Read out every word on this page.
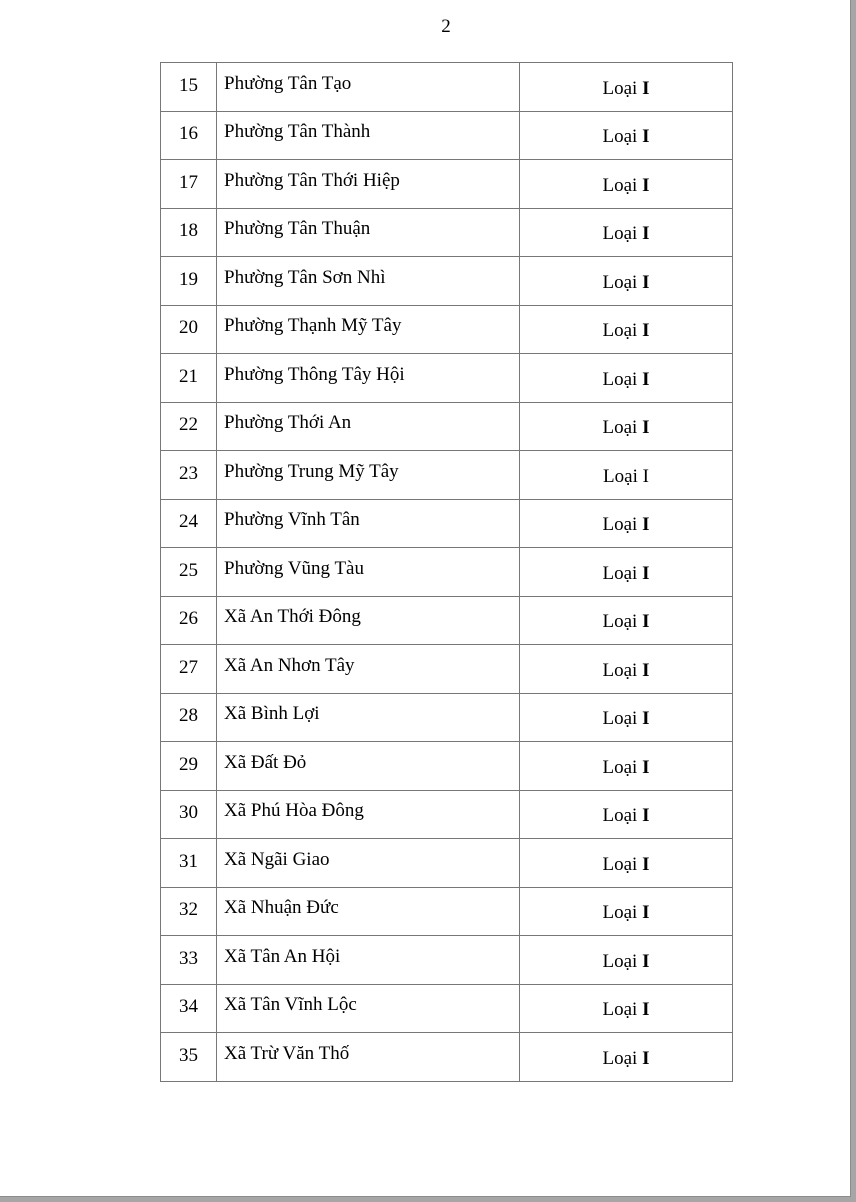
2
15	Phường Tân Tạo	Loại I
16	Phường Tân Thành	Loại I
17	Phường Tân Thới Hiệp	Loại I
18	Phường Tân Thuận	Loại I
19	Phường Tân Sơn Nhì	Loại I
20	Phường Thạnh Mỹ Tây	Loại I
21	Phường Thông Tây Hội	Loại I
22	Phường Thới An	Loại I
23	Phường Trung Mỹ Tây	Loại I
24	Phường Vĩnh Tân	Loại I
25	Phường Vũng Tàu	Loại I
26	Xã An Thới Đông	Loại I
27	Xã An Nhơn Tây	Loại I
28	Xã Bình Lợi	Loại I
29	Xã Đất Đỏ	Loại I
30	Xã Phú Hòa Đông	Loại I
31	Xã Ngãi Giao	Loại I
32	Xã Nhuận Đức	Loại I
33	Xã Tân An Hội	Loại I
34	Xã Tân Vĩnh Lộc	Loại I
35	Xã Trừ Văn Thố	Loại I
